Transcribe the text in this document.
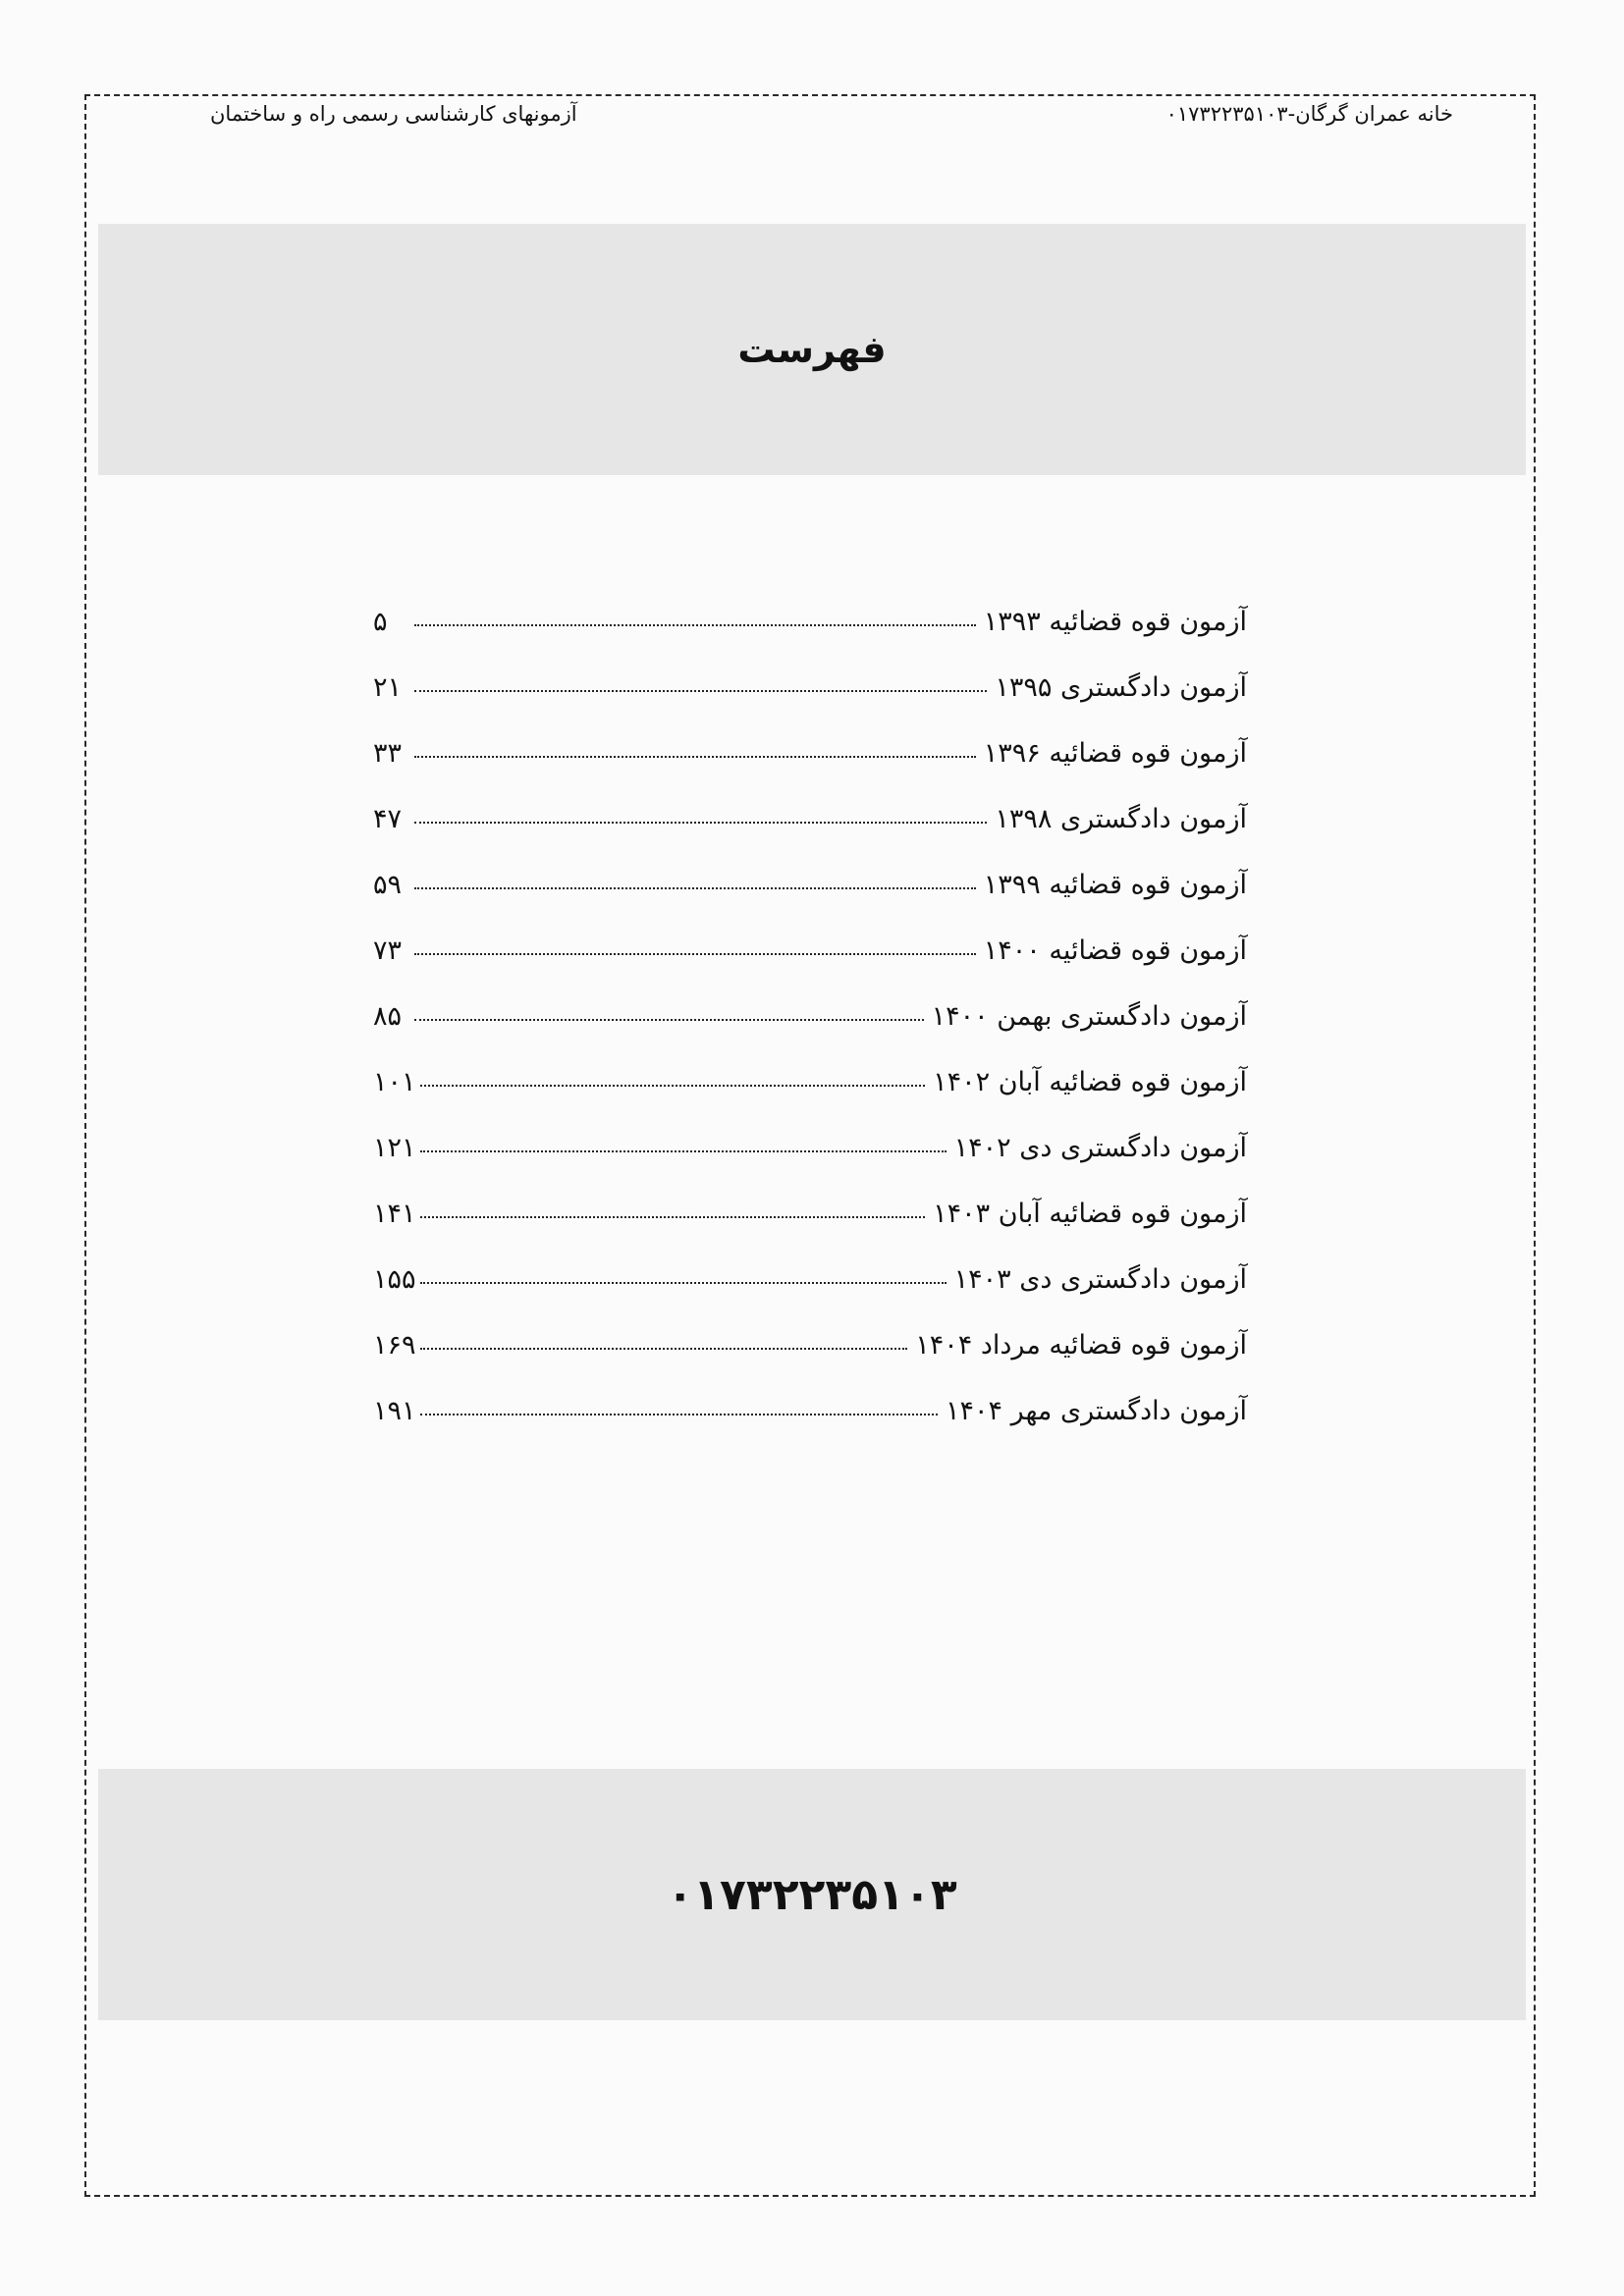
خانه عمران گرگان-۰۱۷۳۲۲۳۵۱۰۳
آزمونهای کارشناسی رسمی راه و ساختمان
فهرست
آزمون قوه قضائیه ۱۳۹۳
۵
آزمون دادگستری ۱۳۹۵
۲۱
آزمون قوه قضائیه ۱۳۹۶
۳۳
آزمون دادگستری ۱۳۹۸
۴۷
آزمون قوه قضائیه ۱۳۹۹
۵۹
آزمون قوه قضائیه ۱۴۰۰
۷۳
آزمون دادگستری بهمن ۱۴۰۰
۸۵
آزمون قوه قضائیه آبان ۱۴۰۲
۱۰۱
آزمون دادگستری دی ۱۴۰۲
۱۲۱
آزمون قوه قضائیه آبان ۱۴۰۳
۱۴۱
آزمون دادگستری دی ۱۴۰۳
۱۵۵
آزمون قوه قضائیه مرداد ۱۴۰۴
۱۶۹
آزمون دادگستری مهر ۱۴۰۴
۱۹۱
۰۱۷۳۲۲۳۵۱۰۳
